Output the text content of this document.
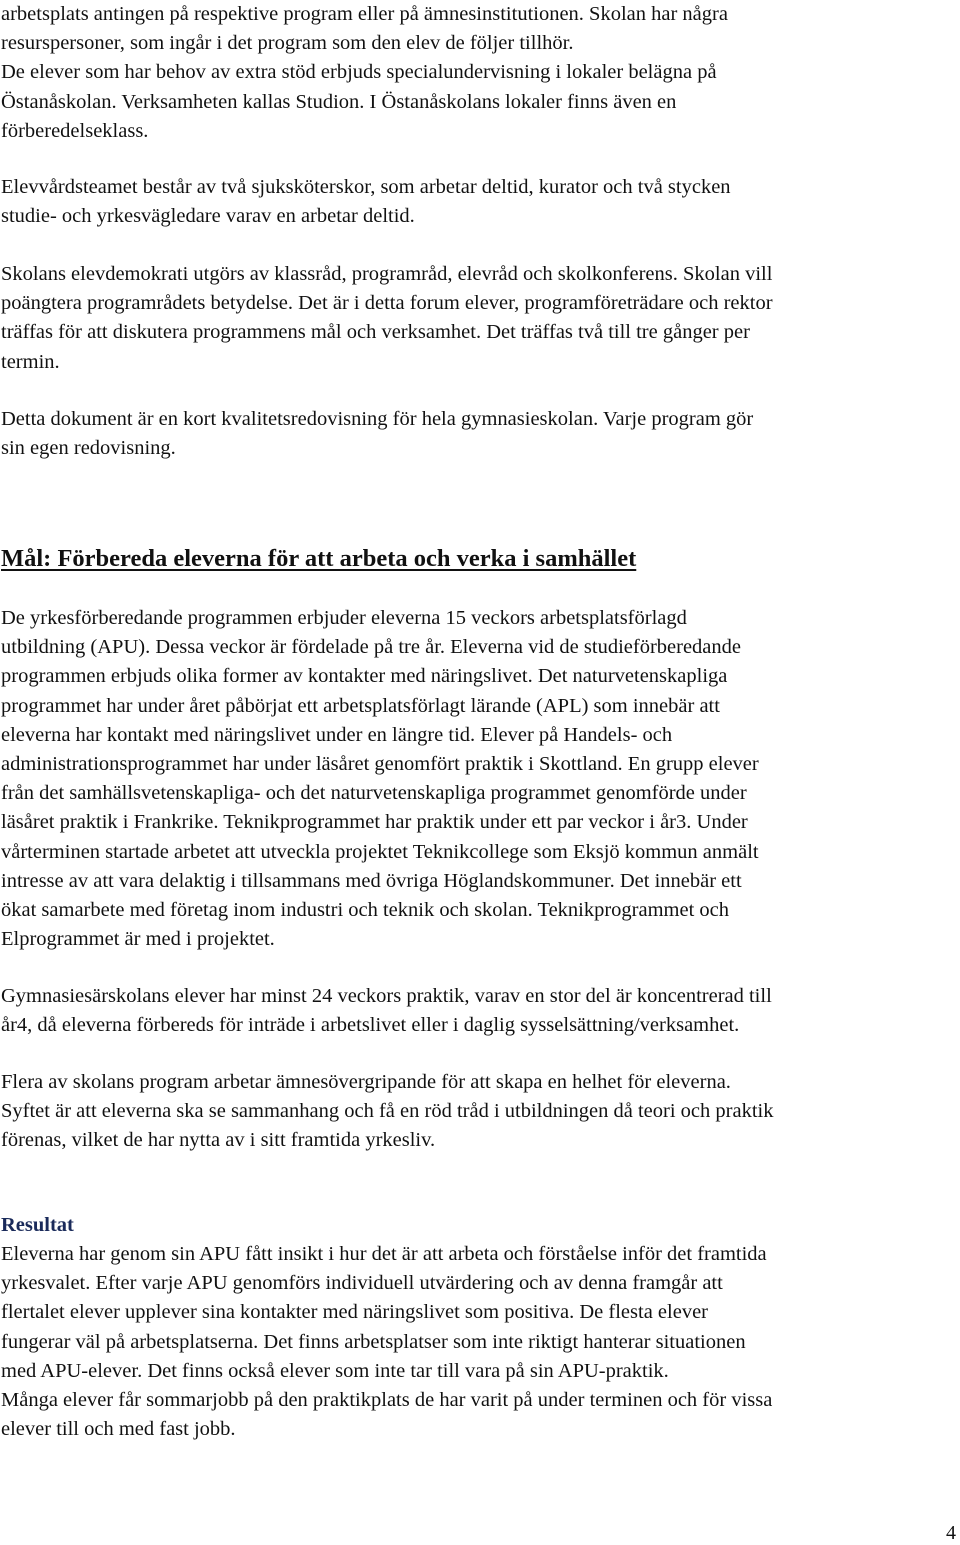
arbetsplats antingen på respektive program eller på ämnesinstitutionen. Skolan har några
resurspersoner, som ingår i det program som den elev de följer tillhör.
De elever som har behov av extra stöd erbjuds specialundervisning i lokaler belägna på
Östanåskolan. Verksamheten kallas Studion. I Östanåskolans lokaler finns även en
förberedelseklass.

Elevvårdsteamet består av två sjuksköterskor, som arbetar deltid, kurator och två stycken
studie- och yrkesvägledare varav en arbetar deltid.

Skolans elevdemokrati utgörs av klassråd, programråd, elevråd och skolkonferens. Skolan vill
poängtera programrådets betydelse. Det är i detta forum elever, programföreträdare och rektor
träffas för att diskutera programmens mål och verksamhet. Det träffas två till tre gånger per
termin.

Detta dokument är en kort kvalitetsredovisning för hela gymnasieskolan. Varje program gör
sin egen redovisning.

Mål: Förbereda eleverna för att arbeta och verka i samhället

De yrkesförberedande programmen erbjuder eleverna 15 veckors arbetsplatsförlagd
utbildning (APU). Dessa veckor är fördelade på tre år. Eleverna vid de studieförberedande
programmen erbjuds olika former av kontakter med näringslivet. Det naturvetenskapliga
programmet har under året påbörjat ett arbetsplatsförlagt lärande (APL) som innebär att
eleverna har kontakt med näringslivet under en längre tid. Elever på Handels- och
administrationsprogrammet har under läsåret genomfört praktik i Skottland. En grupp elever
från det samhällsvetenskapliga- och det naturvetenskapliga programmet genomförde under
läsåret praktik i Frankrike. Teknikprogrammet har praktik under ett par veckor i år3. Under
vårterminen startade arbetet att utveckla projektet Teknikcollege som Eksjö kommun anmält
intresse av att vara delaktig i tillsammans med övriga Höglandskommuner. Det innebär ett
ökat samarbete med företag inom industri och teknik och skolan. Teknikprogrammet och
Elprogrammet är med i projektet.

Gymnasiesärskolans elever har minst 24 veckors praktik, varav en stor del är koncentrerad till
år4, då eleverna förbereds för inträde i arbetslivet eller i daglig sysselsättning/verksamhet.

Flera av skolans program arbetar ämnesövergripande för att skapa en helhet för eleverna.
Syftet är att eleverna ska se sammanhang och få en röd tråd i utbildningen då teori och praktik
förenas, vilket de har nytta av i sitt framtida yrkesliv.

Resultat

Eleverna har genom sin APU fått insikt i hur det är att arbeta och förståelse inför det framtida
yrkesvalet. Efter varje APU genomförs individuell utvärdering och av denna framgår att
flertalet elever upplever sina kontakter med näringslivet som positiva. De flesta elever
fungerar väl på arbetsplatserna. Det finns arbetsplatser som inte riktigt hanterar situationen
med APU-elever. Det finns också elever som inte tar till vara på sin APU-praktik.
Många elever får sommarjobb på den praktikplats de har varit på under terminen och för vissa
elever till och med fast jobb.

4
